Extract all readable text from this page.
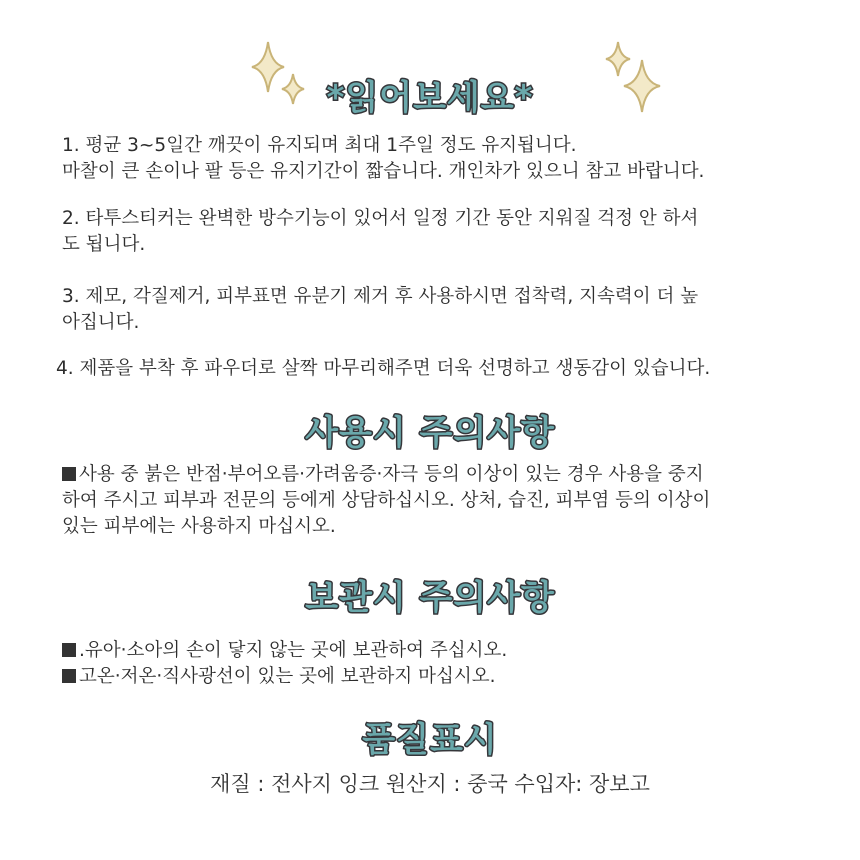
*읽어보세요*
1. 평균 3~5일간 깨끗이 유지되며 최대 1주일 정도 유지됩니다.
마찰이 큰 손이나 팔 등은 유지기간이 짧습니다. 개인차가 있으니 참고 바랍니다.
2. 타투스티커는 완벽한 방수기능이 있어서 일정 기간 동안 지워질 걱정 안 하셔
도 됩니다.
3. 제모, 각질제거, 피부표면 유분기 제거 후 사용하시면 접착력, 지속력이 더 높
아집니다.
4. 제품을 부착 후 파우더로 살짝 마무리해주면 더욱 선명하고 생동감이 있습니다.
사용시 주의사항
사용 중 붉은 반점·부어오름·가려움증·자극 등의 이상이 있는 경우 사용을 중지
하여 주시고 피부과 전문의 등에게 상담하십시오. 상처, 습진, 피부염 등의 이상이
있는 피부에는 사용하지 마십시오.
보관시 주의사항
.유아·소아의 손이 닿지 않는 곳에 보관하여 주십시오.
고온·저온·직사광선이 있는 곳에 보관하지 마십시오.
품질표시
재질 : 전사지 잉크 원산지 : 중국 수입자: 장보고
